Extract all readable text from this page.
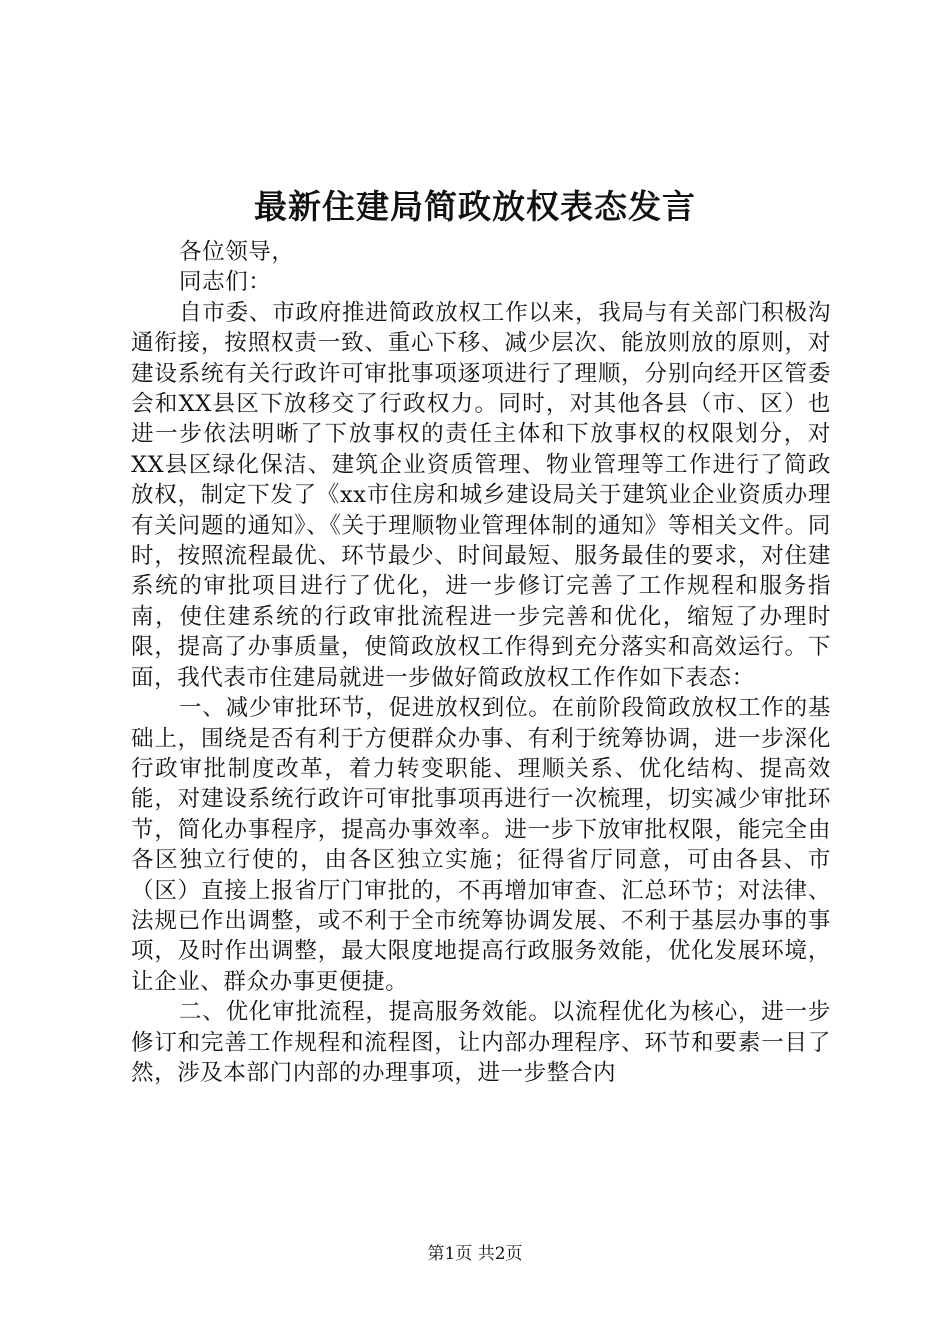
最新住建局简政放权表态发言

各位领导，

同志们：

自市委、市政府推进简政放权工作以来，我局与有关部门积极沟通衔接，按照权责一致、重心下移、减少层次、能放则放的原则，对建设系统有关行政许可审批事项逐项进行了理顺，分别向经开区管委会和XX县区下放移交了行政权力。同时，对其他各县（市、区）也进一步依法明晰了下放事权的责任主体和下放事权的权限划分，对XX县区绿化保洁、建筑企业资质管理、物业管理等工作进行了简政放权，制定下发了《xx市住房和城乡建设局关于建筑业企业资质办理有关问题的通知》、《关于理顺物业管理体制的通知》等相关文件。同时，按照流程最优、环节最少、时间最短、服务最佳的要求，对住建系统的审批项目进行了优化，进一步修订完善了工作规程和服务指南，使住建系统的行政审批流程进一步完善和优化，缩短了办理时限，提高了办事质量，使简政放权工作得到充分落实和高效运行。下面，我代表市住建局就进一步做好简政放权工作作如下表态：

一、减少审批环节，促进放权到位。在前阶段简政放权工作的基础上，围绕是否有利于方便群众办事、有利于统筹协调，进一步深化行政审批制度改革，着力转变职能、理顺关系、优化结构、提高效能，对建设系统行政许可审批事项再进行一次梳理，切实减少审批环节，简化办事程序，提高办事效率。进一步下放审批权限，能完全由各区独立行使的，由各区独立实施；征得省厅同意，可由各县、市（区）直接上报省厅门审批的，不再增加审查、汇总环节；对法律、法规已作出调整，或不利于全市统筹协调发展、不利于基层办事的事项，及时作出调整，最大限度地提高行政服务效能，优化发展环境，让企业、群众办事更便捷。

二、优化审批流程，提高服务效能。以流程优化为核心，进一步修订和完善工作规程和流程图，让内部办理程序、环节和要素一目了然，涉及本部门内部的办理事项，进一步整合内

第1页 共2页
